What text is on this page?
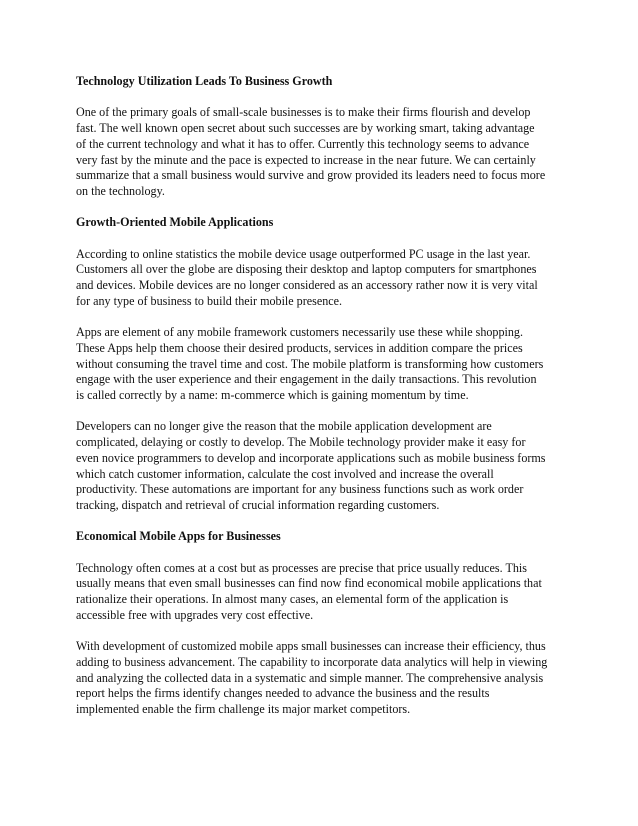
Technology Utilization Leads To Business Growth
One of the primary goals of small-scale businesses is to make their firms flourish and develop
fast. The well known open secret about such successes are by working smart, taking advantage
of the current technology and what it has to offer. Currently this technology seems to advance
very fast by the minute and the pace is expected to increase in the near future. We can certainly
summarize that a small business would survive and grow provided its leaders need to focus more
on the technology.
Growth-Oriented Mobile Applications
According to online statistics the mobile device usage outperformed PC usage in the last year.
Customers all over the globe are disposing their desktop and laptop computers for smartphones
and devices. Mobile devices are no longer considered as an accessory rather now it is very vital
for any type of business to build their mobile presence.
Apps are element of any mobile framework customers necessarily use these while shopping.
These Apps help them choose their desired products, services in addition compare the prices
without consuming the travel time and cost. The mobile platform is transforming how customers
engage with the user experience and their engagement in the daily transactions. This revolution
is called correctly by a name: m-commerce which is gaining momentum by time.
Developers can no longer give the reason that the mobile application development are
complicated, delaying or costly to develop. The Mobile technology provider make it easy for
even novice programmers to develop and incorporate applications such as mobile business forms
which catch customer information, calculate the cost involved and increase the overall
productivity. These automations are important for any business functions such as work order
tracking, dispatch and retrieval of crucial information regarding customers.
Economical Mobile Apps for Businesses
Technology often comes at a cost but as processes are precise that price usually reduces. This
usually means that even small businesses can find now find economical mobile applications that
rationalize their operations. In almost many cases, an elemental form of the application is
accessible free with upgrades very cost effective.
With development of customized mobile apps small businesses can increase their efficiency, thus
adding to business advancement. The capability to incorporate data analytics will help in viewing
and analyzing the collected data in a systematic and simple manner. The comprehensive analysis
report helps the firms identify changes needed to advance the business and the results
implemented enable the firm challenge its major market competitors.
